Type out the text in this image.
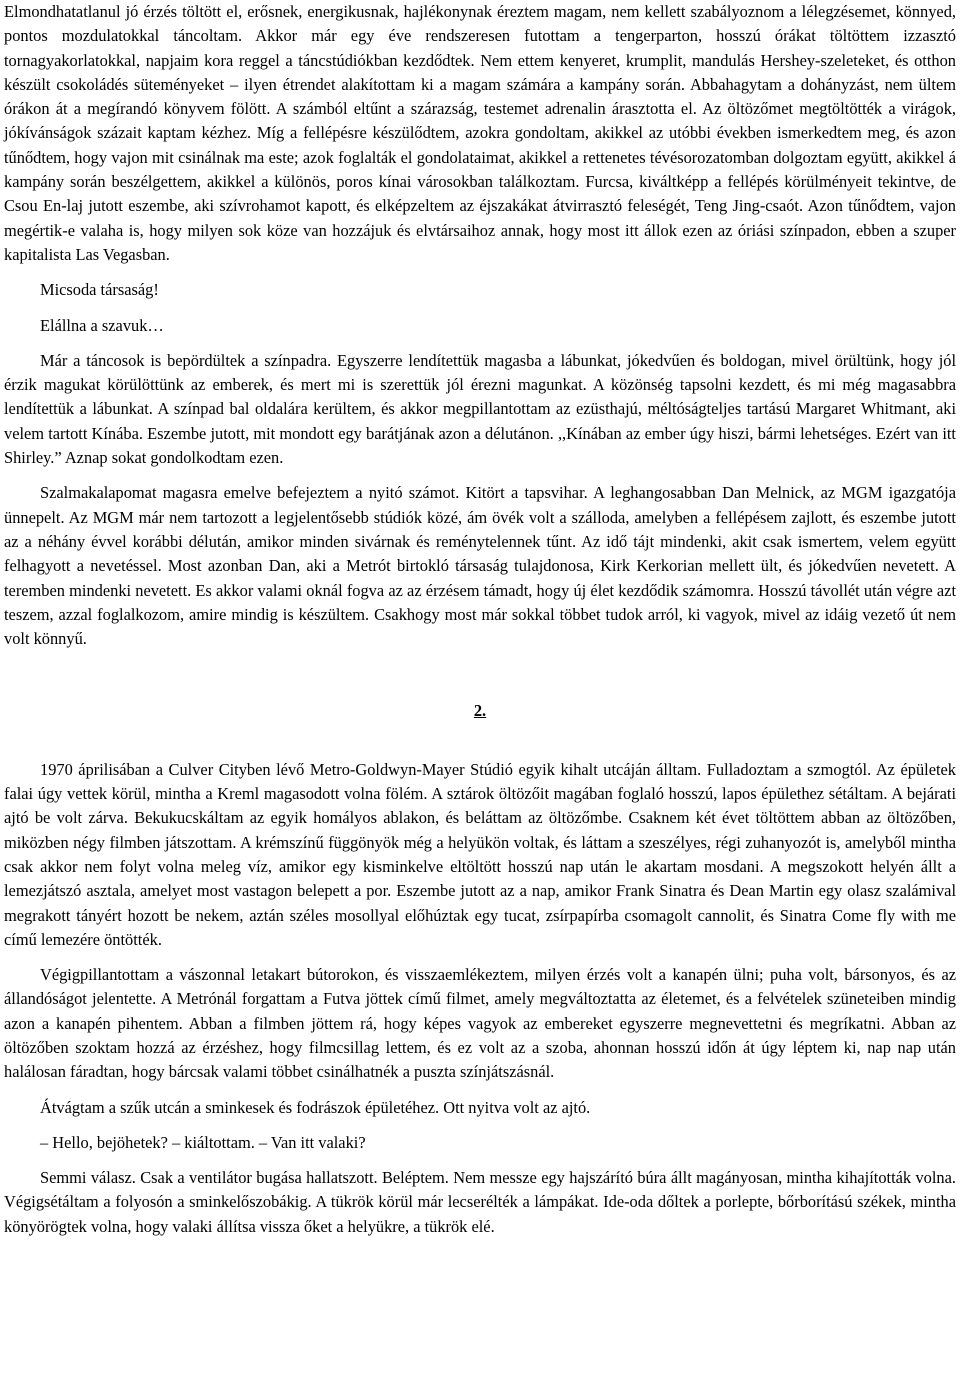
Elmondhatatlanul jó érzés töltött el, erősnek, energikusnak, hajlékonynak éreztem magam, nem kellett szabályoznom a lélegzésemet, könnyed, pontos mozdulatokkal táncoltam. Akkor már egy éve rendszeresen futottam a tengerparton, hosszú órákat töltöttem izzasztó tornagyakorlatokkal, napjaim kora reggel a táncstúdiókban kezdődtek. Nem ettem kenyeret, krumplit, mandulás Hershey-szeleteket, és otthon készült csokoládés süteményeket – ilyen étrendet alakítottam ki a magam számára a kampány során. Abbahagytam a dohányzást, nem ültem órákon át a megírandó könyvem fölött. A számból eltűnt a szárazság, testemet adrenalin árasztotta el. Az öltözőmet megtöltötték a virágok, jókívánságok százait kaptam kézhez. Míg a fellépésre készülődtem, azokra gondoltam, akikkel az utóbbi években ismerkedtem meg, és azon tűnődtem, hogy vajon mit csinálnak ma este; azok foglalták el gondolataimat, akikkel a rettenetes tévésorozatomban dolgoztam együtt, akikkel á kampány során beszélgettem, akikkel a különös, poros kínai városokban találkoztam. Furcsa, kiváltképp a fellépés körülményeit tekintve, de Csou En-laj jutott eszembe, aki szívrohamot kapott, és elképzeltem az éjszakákat átvirrasztó feleségét, Teng Jing-csaót. Azon tűnődtem, vajon megértik-e valaha is, hogy milyen sok köze van hozzájuk és elvtársaihoz annak, hogy most itt állok ezen az óriási színpadon, ebben a szuper kapitalista Las Vegasban.

Micsoda társaság!

Elállna a szavuk…

Már a táncosok is bepördültek a színpadra. Egyszerre lendítettük magasba a lábunkat, jókedvűen és boldogan, mivel örültünk, hogy jól érzik magukat körülöttünk az emberek, és mert mi is szerettük jól érezni magunkat. A közönség tapsolni kezdett, és mi még magasabbra lendítettük a lábunkat. A színpad bal oldalára kerültem, és akkor megpillantottam az ezüsthajú, méltóságteljes tartású Margaret Whitmant, aki velem tartott Kínába. Eszembe jutott, mit mondott egy barátjának azon a délutánon. ,,Kínában az ember úgy hiszi, bármi lehetséges. Ezért van itt Shirley.” Aznap sokat gondolkodtam ezen.

Szalmakalapomat magasra emelve befejeztem a nyitó számot. Kitört a tapsvihar. A leghangosabban Dan Melnick, az MGM igazgatója ünnepelt. Az MGM már nem tartozott a legjelentősebb stúdiók közé, ám övék volt a szálloda, amelyben a fellépésem zajlott, és eszembe jutott az a néhány évvel korábbi délután, amikor minden sivárnak és reménytelennek tűnt. Az idő tájt mindenki, akit csak ismertem, velem együtt felhagyott a nevetéssel. Most azonban Dan, aki a Metrót birtokló társaság tulajdonosa, Kirk Kerkorian mellett ült, és jókedvűen nevetett. A teremben mindenki nevetett. Es akkor valami oknál fogva az az érzésem támadt, hogy új élet kezdődik számomra. Hosszú távollét után végre azt teszem, azzal foglalkozom, amire mindig is készültem. Csakhogy most már sokkal többet tudok arról, ki vagyok, mivel az idáig vezető út nem volt könnyű.

2.

1970 áprilisában a Culver Cityben lévő Metro-Goldwyn-Mayer Stúdió egyik kihalt utcáján álltam. Fulladoztam a szmogtól. Az épületek falai úgy vettek körül, mintha a Kreml magasodott volna fölém. A sztárok öltözőit magában foglaló hosszú, lapos épülethez sétáltam. A bejárati ajtó be volt zárva. Bekukucskáltam az egyik homályos ablakon, és beláttam az öltözőmbe. Csaknem két évet töltöttem abban az öltözőben, miközben négy filmben játszottam. A krémszínű függönyök még a helyükön voltak, és láttam a szeszélyes, régi zuhanyozót is, amelyből mintha csak akkor nem folyt volna meleg víz, amikor egy kisminkelve eltöltött hosszú nap után le akartam mosdani. A megszokott helyén állt a lemezjátszó asztala, amelyet most vastagon belepett a por. Eszembe jutott az a nap, amikor Frank Sinatra és Dean Martin egy olasz szalámival megrakott tányért hozott be nekem, aztán széles mosollyal előhúztak egy tucat, zsírpapírba csomagolt cannolit, és Sinatra Come fly with me című lemezére öntötték.

Végigpillantottam a vászonnal letakart bútorokon, és visszaemlékeztem, milyen érzés volt a kanapén ülni; puha volt, bársonyos, és az állandóságot jelentette. A Metrónál forgattam a Futva jöttek című filmet, amely megváltoztatta az életemet, és a felvételek szüneteiben mindig azon a kanapén pihentem. Abban a filmben jöttem rá, hogy képes vagyok az embereket egyszerre megnevettetni és megríkatni. Abban az öltözőben szoktam hozzá az érzéshez, hogy filmcsillag lettem, és ez volt az a szoba, ahonnan hosszú időn át úgy léptem ki, nap nap után halálosan fáradtan, hogy bárcsak valami többet csinálhatnék a puszta színjátszásnál.

Átvágtam a szűk utcán a sminkesek és fodrászok épületéhez. Ott nyitva volt az ajtó.

– Hello, bejöhetek? – kiáltottam. – Van itt valaki?

Semmi válasz. Csak a ventilátor bugása hallatszott. Beléptem. Nem messze egy hajszárító búra állt magányosan, mintha kihajították volna. Végigsétáltam a folyosón a sminkelőszobákig. A tükrök körül már lecserélték a lámpákat. Ide-oda dőltek a porlepte, bőrborítású székek, mintha könyörögtek volna, hogy valaki állítsa vissza őket a helyükre, a tükrök elé.
